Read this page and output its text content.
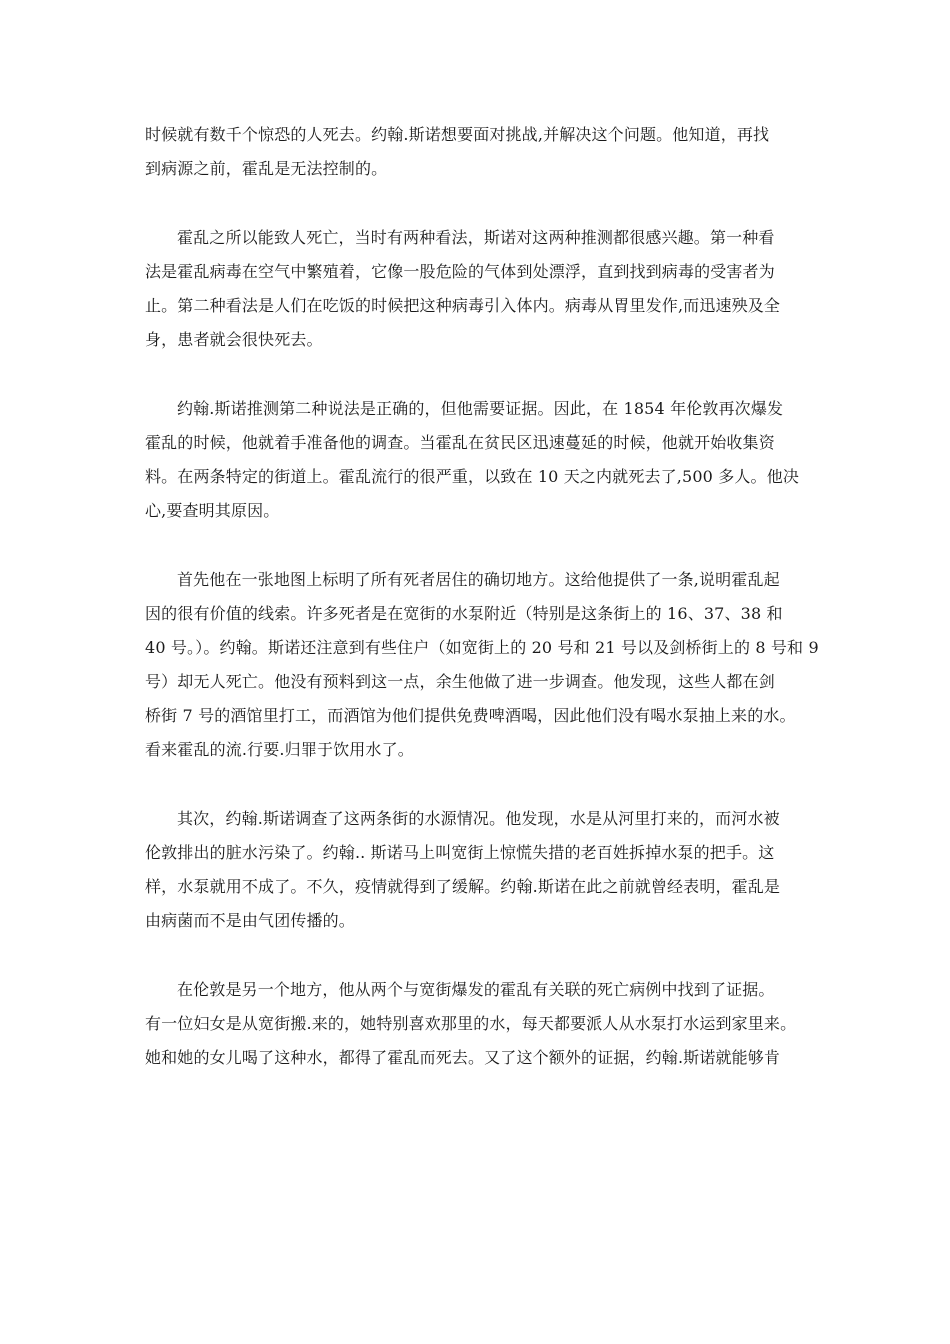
时候就有数千个惊恐的人死去。约翰.斯诺想要面对挑战,并解决这个问题。他知道，再找
到病源之前，霍乱是无法控制的。
霍乱之所以能致人死亡，当时有两种看法，斯诺对这两种推测都很感兴趣。第一种看
法是霍乱病毒在空气中繁殖着，它像一股危险的气体到处漂浮，直到找到病毒的受害者为
止。第二种看法是人们在吃饭的时候把这种病毒引入体内。病毒从胃里发作,而迅速殃及全
身，患者就会很快死去。
约翰.斯诺推测第二种说法是正确的，但他需要证据。因此，在 1854 年伦敦再次爆发
霍乱的时候，他就着手准备他的调查。当霍乱在贫民区迅速蔓延的时候，他就开始收集资
料。在两条特定的街道上。霍乱流行的很严重，以致在 10 天之内就死去了,500 多人。他决
心,要查明其原因。
首先他在一张地图上标明了所有死者居住的确切地方。这给他提供了一条,说明霍乱起
因的很有价值的线索。许多死者是在宽街的水泵附近（特别是这条街上的 16、37、38 和
40 号。）。约翰。斯诺还注意到有些住户（如宽街上的 20 号和 21 号以及剑桥街上的 8 号和 9
号）却无人死亡。他没有预料到这一点，余生他做了进一步调查。他发现，这些人都在剑
桥街 7 号的酒馆里打工，而酒馆为他们提供免费啤酒喝，因此他们没有喝水泵抽上来的水。
看来霍乱的流.行要.归罪于饮用水了。
其次，约翰.斯诺调查了这两条街的水源情况。他发现，水是从河里打来的，而河水被
伦敦排出的脏水污染了。约翰.. 斯诺马上叫宽街上惊慌失措的老百姓拆掉水泵的把手。这
样，水泵就用不成了。不久，疫情就得到了缓解。约翰.斯诺在此之前就曾经表明，霍乱是
由病菌而不是由气团传播的。
在伦敦是另一个地方，他从两个与宽街爆发的霍乱有关联的死亡病例中找到了证据。
有一位妇女是从宽街搬.来的，她特别喜欢那里的水，每天都要派人从水泵打水运到家里来。
她和她的女儿喝了这种水，都得了霍乱而死去。又了这个额外的证据，约翰.斯诺就能够肯
